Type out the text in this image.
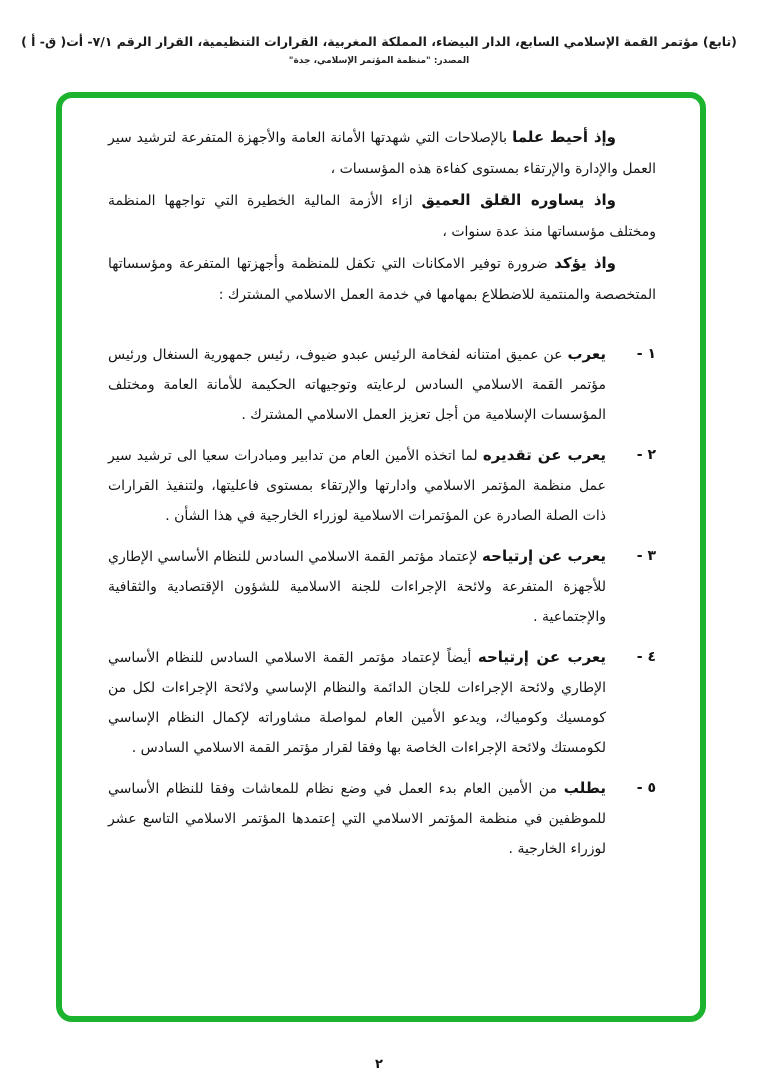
(تابع) مؤتمر القمة الإسلامي السابع، الدار البيضاء، المملكة المغربية، القرارات التنظيمية، القرار الرقم ٧/١- أت( ق- أ )
المصدر: "منظمة المؤتمر الإسلامي، جدة"

وإذ أحيط علما بالإصلاحات التي شهدتها الأمانة العامة والأجهزة المتفرعة لترشيد سير العمل والإدارة والإرتقاء بمستوى كفاءة هذه المؤسسات ،

واذ يساوره القلق العميق ازاء الأزمة المالية الخطيرة التي تواجهها المنظمة ومختلف مؤسساتها منذ عدة سنوات ،

واذ يؤكد ضرورة توفير الامكانات التي تكفل للمنظمة وأجهزتها المتفرعة ومؤسساتها المتخصصة والمنتمية للاضطلاع بمهامها في خدمة العمل الاسلامي المشترك :

١ -
يعرب عن عميق امتنانه لفخامة الرئيس عبدو ضيوف، رئيس جمهورية السنغال ورئيس مؤتمر القمة الاسلامي السادس لرعايته وتوجيهاته الحكيمة للأمانة العامة ومختلف المؤسسات الإسلامية من أجل تعزيز العمل الاسلامي المشترك .
٢ -
يعرب عن تقديره لما اتخذه الأمين العام من تدابير ومبادرات سعيا الى ترشيد سير عمل منظمة المؤتمر الاسلامي وادارتها والإرتقاء بمستوى فاعليتها، ولتنفيذ القرارات ذات الصلة الصادرة عن المؤتمرات الاسلامية لوزراء الخارجية في هذا الشأن .
٣ -
يعرب عن إرتياحه لإعتماد مؤتمر القمة الاسلامي السادس للنظام الأساسي الإطاري للأجهزة المتفرعة ولائحة الإجراءات للجنة الاسلامية للشؤون الإقتصادية والثقافية والإجتماعية .
٤ -
يعرب عن إرتياحه أيضاً لإعتماد مؤتمر القمة الاسلامي السادس للنظام الأساسي الإطاري ولائحة الإجراءات للجان الدائمة والنظام الإساسي ولائحة الإجراءات لكل من كومسيك وكومياك، ويدعو الأمين العام لمواصلة مشاوراته لإكمال النظام الإساسي لكومستك ولائحة الإجراءات الخاصة بها وفقا لقرار مؤتمر القمة الاسلامي السادس .
٥ -
يطلب من الأمين العام بدء العمل في وضع نظام للمعاشات وفقا للنظام الأساسي للموظفين في منظمة المؤتمر الاسلامي التي إعتمدها المؤتمر الاسلامي التاسع عشر لوزراء الخارجية .
٢
